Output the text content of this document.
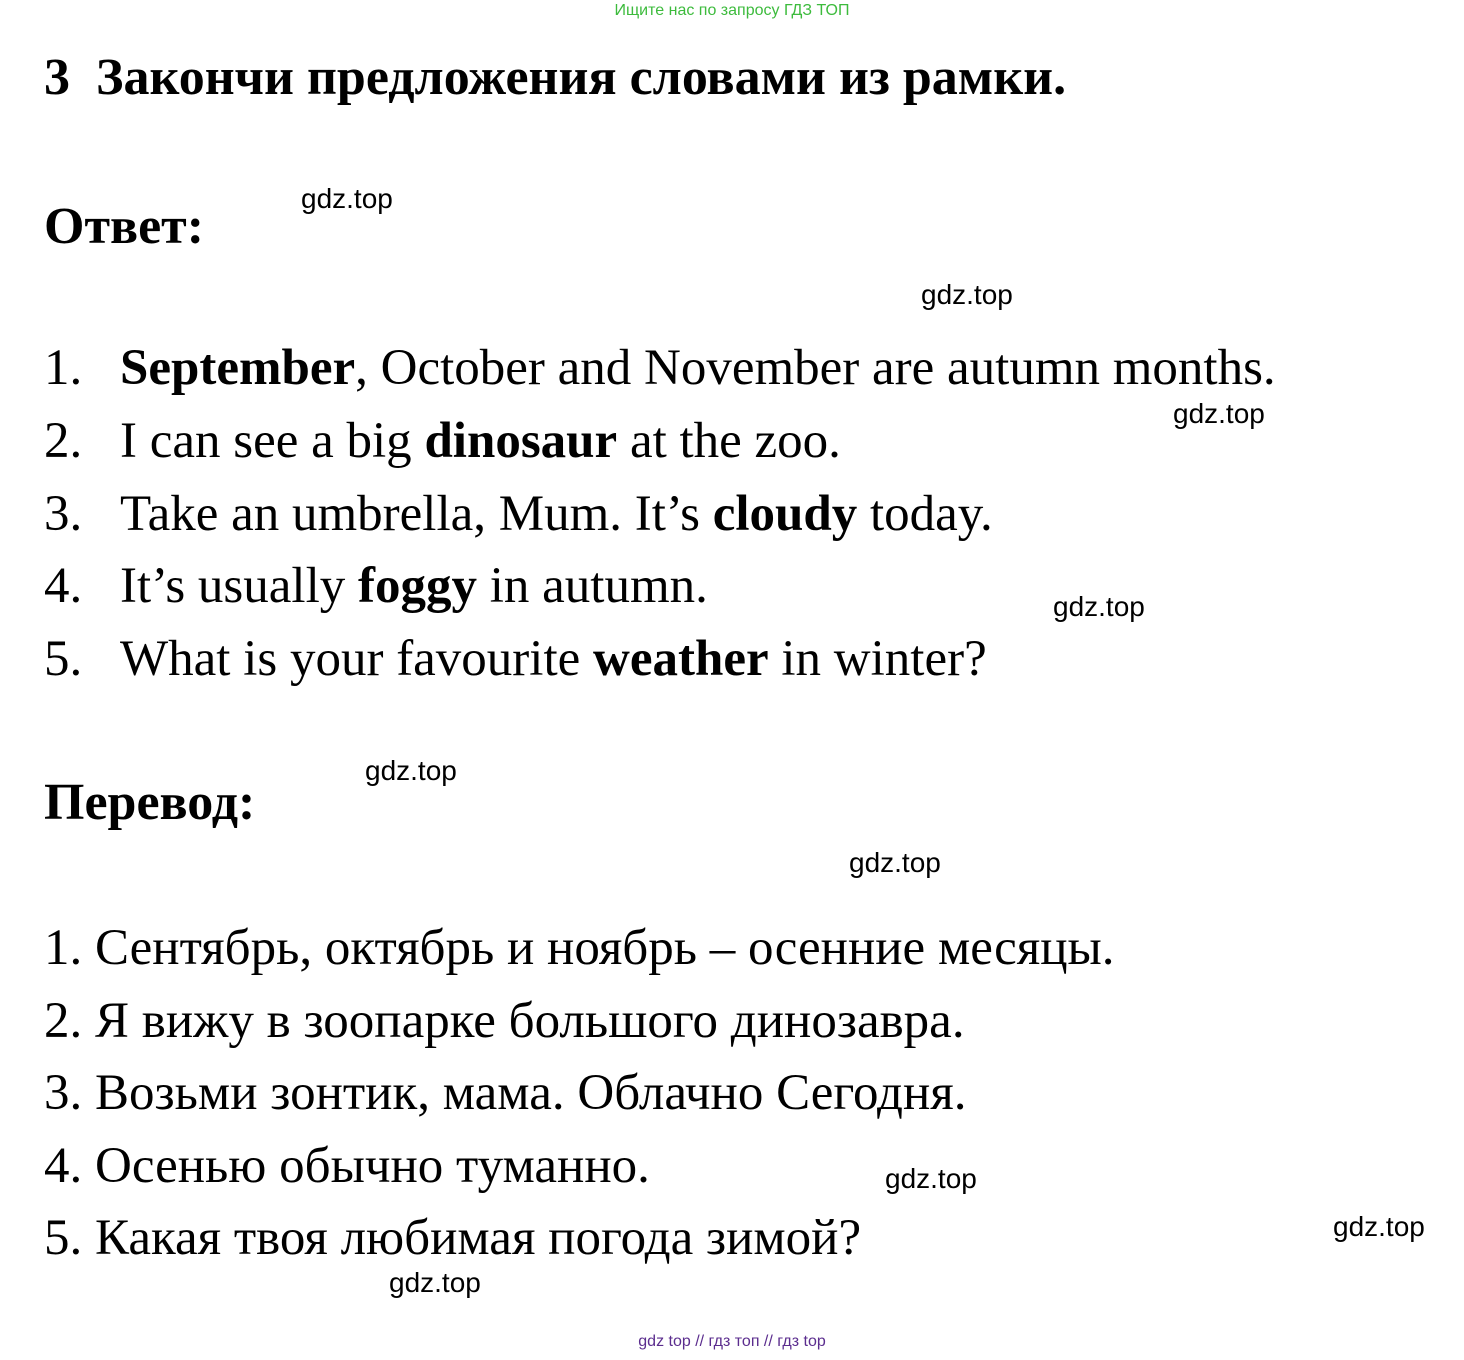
Ищите нас по запросу ГДЗ ТОП
3 Закончи предложения словами из рамки.
Ответ:
1. September, October and November are autumn months.
2. I can see a big dinosaur at the zoo.
3. Take an umbrella, Mum. It’s cloudy today.
4. It’s usually foggy in autumn.
5. What is your favourite weather in winter?
Перевод:
1. Сентябрь, октябрь и ноябрь – осенние месяцы.
2. Я вижу в зоопарке большого динозавра.
3. Возьми зонтик, мама. Облачно Сегодня.
4. Осенью обычно туманно.
5. Какая твоя любимая погода зимой?
gdz.top
gdz.top
gdz.top
gdz.top
gdz.top
gdz.top
gdz.top
gdz.top
gdz.top
gdz top // гдз топ // гдз top
